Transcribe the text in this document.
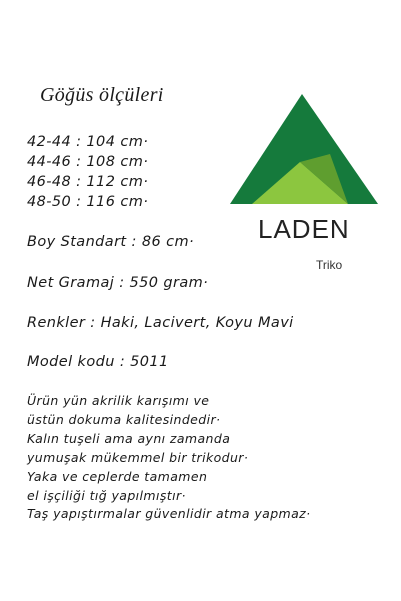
Göğüs ölçüleri
42-44 : 104 cm·
44-46 : 108 cm·
46-48 : 112 cm·
48-50 : 116 cm·
Boy Standart : 86 cm·
Net Gramaj : 550 gram·
Renkler : Haki, Lacivert, Koyu Mavi
Model kodu : 5011
Ürün yün akrilik karışımı ve
üstün dokuma kalitesindedir·
Kalın tuşeli ama aynı zamanda
yumuşak mükemmel bir trikodur·
Yaka ve ceplerde tamamen
el işçiliği tığ yapılmıştır·
Taş yapıştırmalar güvenlidir atma yapmaz·
LADEN
Triko
